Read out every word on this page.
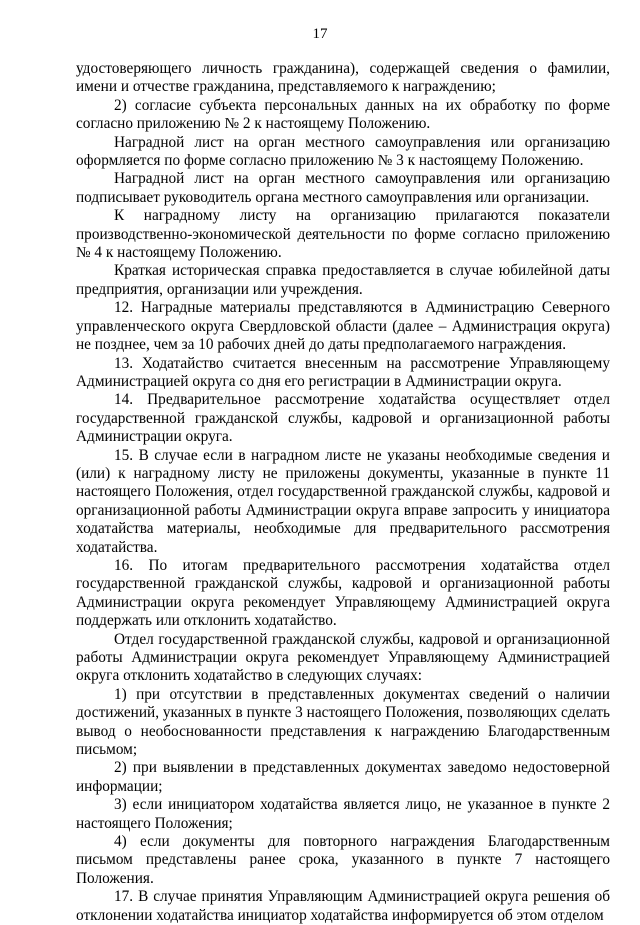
17

удостоверяющего личность гражданина), содержащей сведения о фамилии, имени и отчестве гражданина, представляемого к награждению;

2) согласие субъекта персональных данных на их обработку по форме согласно приложению № 2 к настоящему Положению.

Наградной лист на орган местного самоуправления или организацию оформляется по форме согласно приложению № 3 к настоящему Положению.

Наградной лист на орган местного самоуправления или организацию подписывает руководитель органа местного самоуправления или организации.

К наградному листу на организацию прилагаются показатели производственно-экономической деятельности по форме согласно приложению № 4 к настоящему Положению.

Краткая историческая справка предоставляется в случае юбилейной даты предприятия, организации или учреждения.

12. Наградные материалы представляются в Администрацию Северного управленческого округа Свердловской области (далее – Администрация округа) не позднее, чем за 10 рабочих дней до даты предполагаемого награждения.

13. Ходатайство считается внесенным на рассмотрение Управляющему Администрацией округа со дня его регистрации в Администрации округа.

14. Предварительное рассмотрение ходатайства осуществляет отдел государственной гражданской службы, кадровой и организационной работы Администрации округа.

15. В случае если в наградном листе не указаны необходимые сведения и (или) к наградному листу не приложены документы, указанные в пункте 11 настоящего Положения, отдел государственной гражданской службы, кадровой и организационной работы Администрации округа вправе запросить у инициатора ходатайства материалы, необходимые для предварительного рассмотрения ходатайства.

16. По итогам предварительного рассмотрения ходатайства отдел государственной гражданской службы, кадровой и организационной работы Администрации округа рекомендует Управляющему Администрацией округа поддержать или отклонить ходатайство.

Отдел государственной гражданской службы, кадровой и организационной работы Администрации округа рекомендует Управляющему Администрацией округа отклонить ходатайство в следующих случаях:

1) при отсутствии в представленных документах сведений о наличии достижений, указанных в пункте 3 настоящего Положения, позволяющих сделать вывод о необоснованности представления к награждению Благодарственным письмом;

2) при выявлении в представленных документах заведомо недостоверной информации;

3) если инициатором ходатайства является лицо, не указанное в пункте 2 настоящего Положения;

4) если документы для повторного награждения Благодарственным письмом представлены ранее срока, указанного в пункте 7 настоящего Положения.

17. В случае принятия Управляющим Администрацией округа решения об отклонении ходатайства инициатор ходатайства информируется об этом отделом
